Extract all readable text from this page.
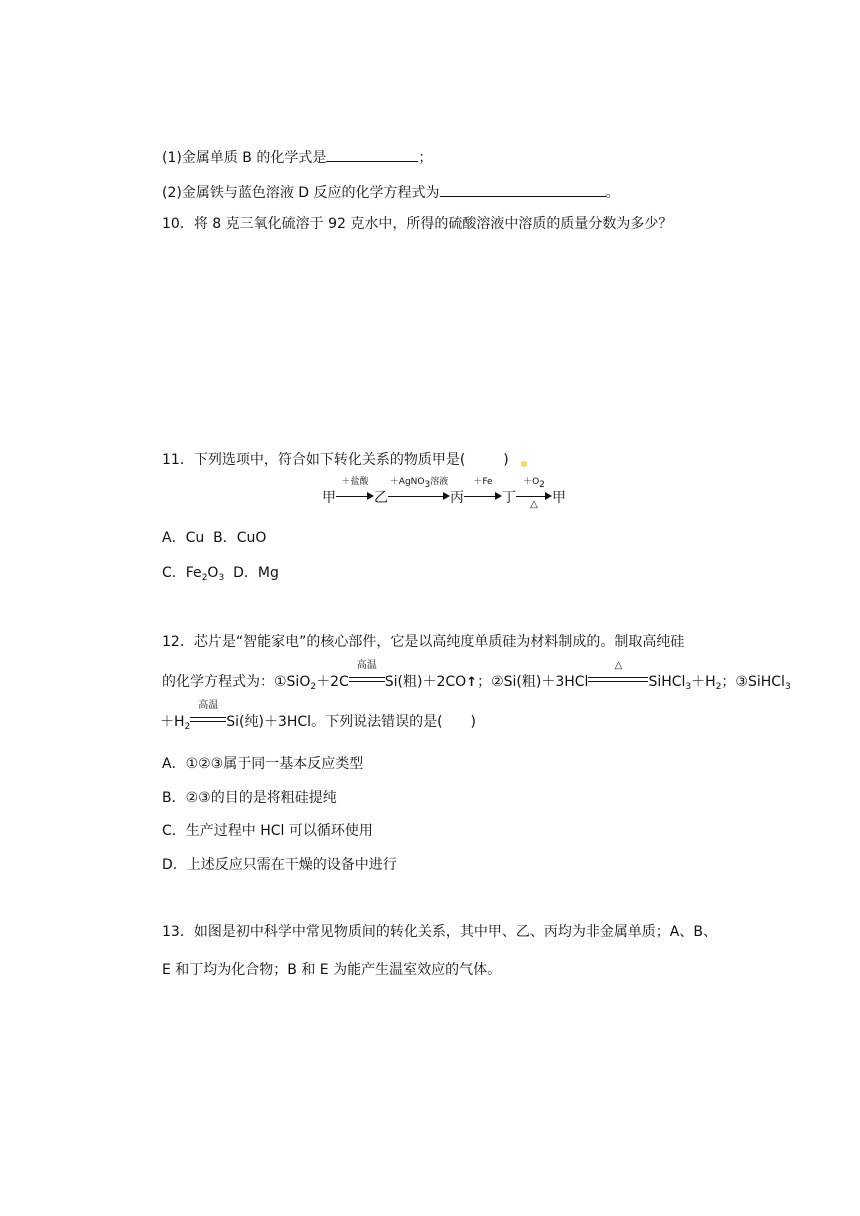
(1)金属单质 B 的化学式是	；
(2)金属铁与蓝色溶液 D 反应的化学方程式为	。
10．将 8 克三氧化硫溶于 92 克水中，所得的硫酸溶液中溶质的质量分数为多少？
11．下列选项中，符合如下转化关系的物质甲是(	)
甲
＋盐酸
乙
＋AgNO$_3$溶液
丙
＋Fe
丁
$+O_2$
△	甲
A．Cu B．CuO
C．$Fe_2O_3$ D．Mg
12．芯片是“智能家电”的核心部件，它是以高纯度单质硅为材料制成的。制取高纯硅
的化学方程式为：①SiO$_2$＋2C
高温
Si(粗)＋2CO↑；②Si(粗)＋3HCl
△
$SiHCl_3+H_2$；③SiHCl$_3$
$+H_2$
高温
Si(纯)＋3HCl。下列说法错误的是( )
A．①②③属于同一基本反应类型
B．②③的目的是将粗硅提纯
C．生产过程中 HCl 可以循环使用
D．上述反应只需在干燥的设备中进行
13．如图是初中科学中常见物质间的转化关系，其中甲、乙、丙均为非金属单质；A、B、
E 和丁均为化合物；B 和 E 为能产生温室效应的气体。
